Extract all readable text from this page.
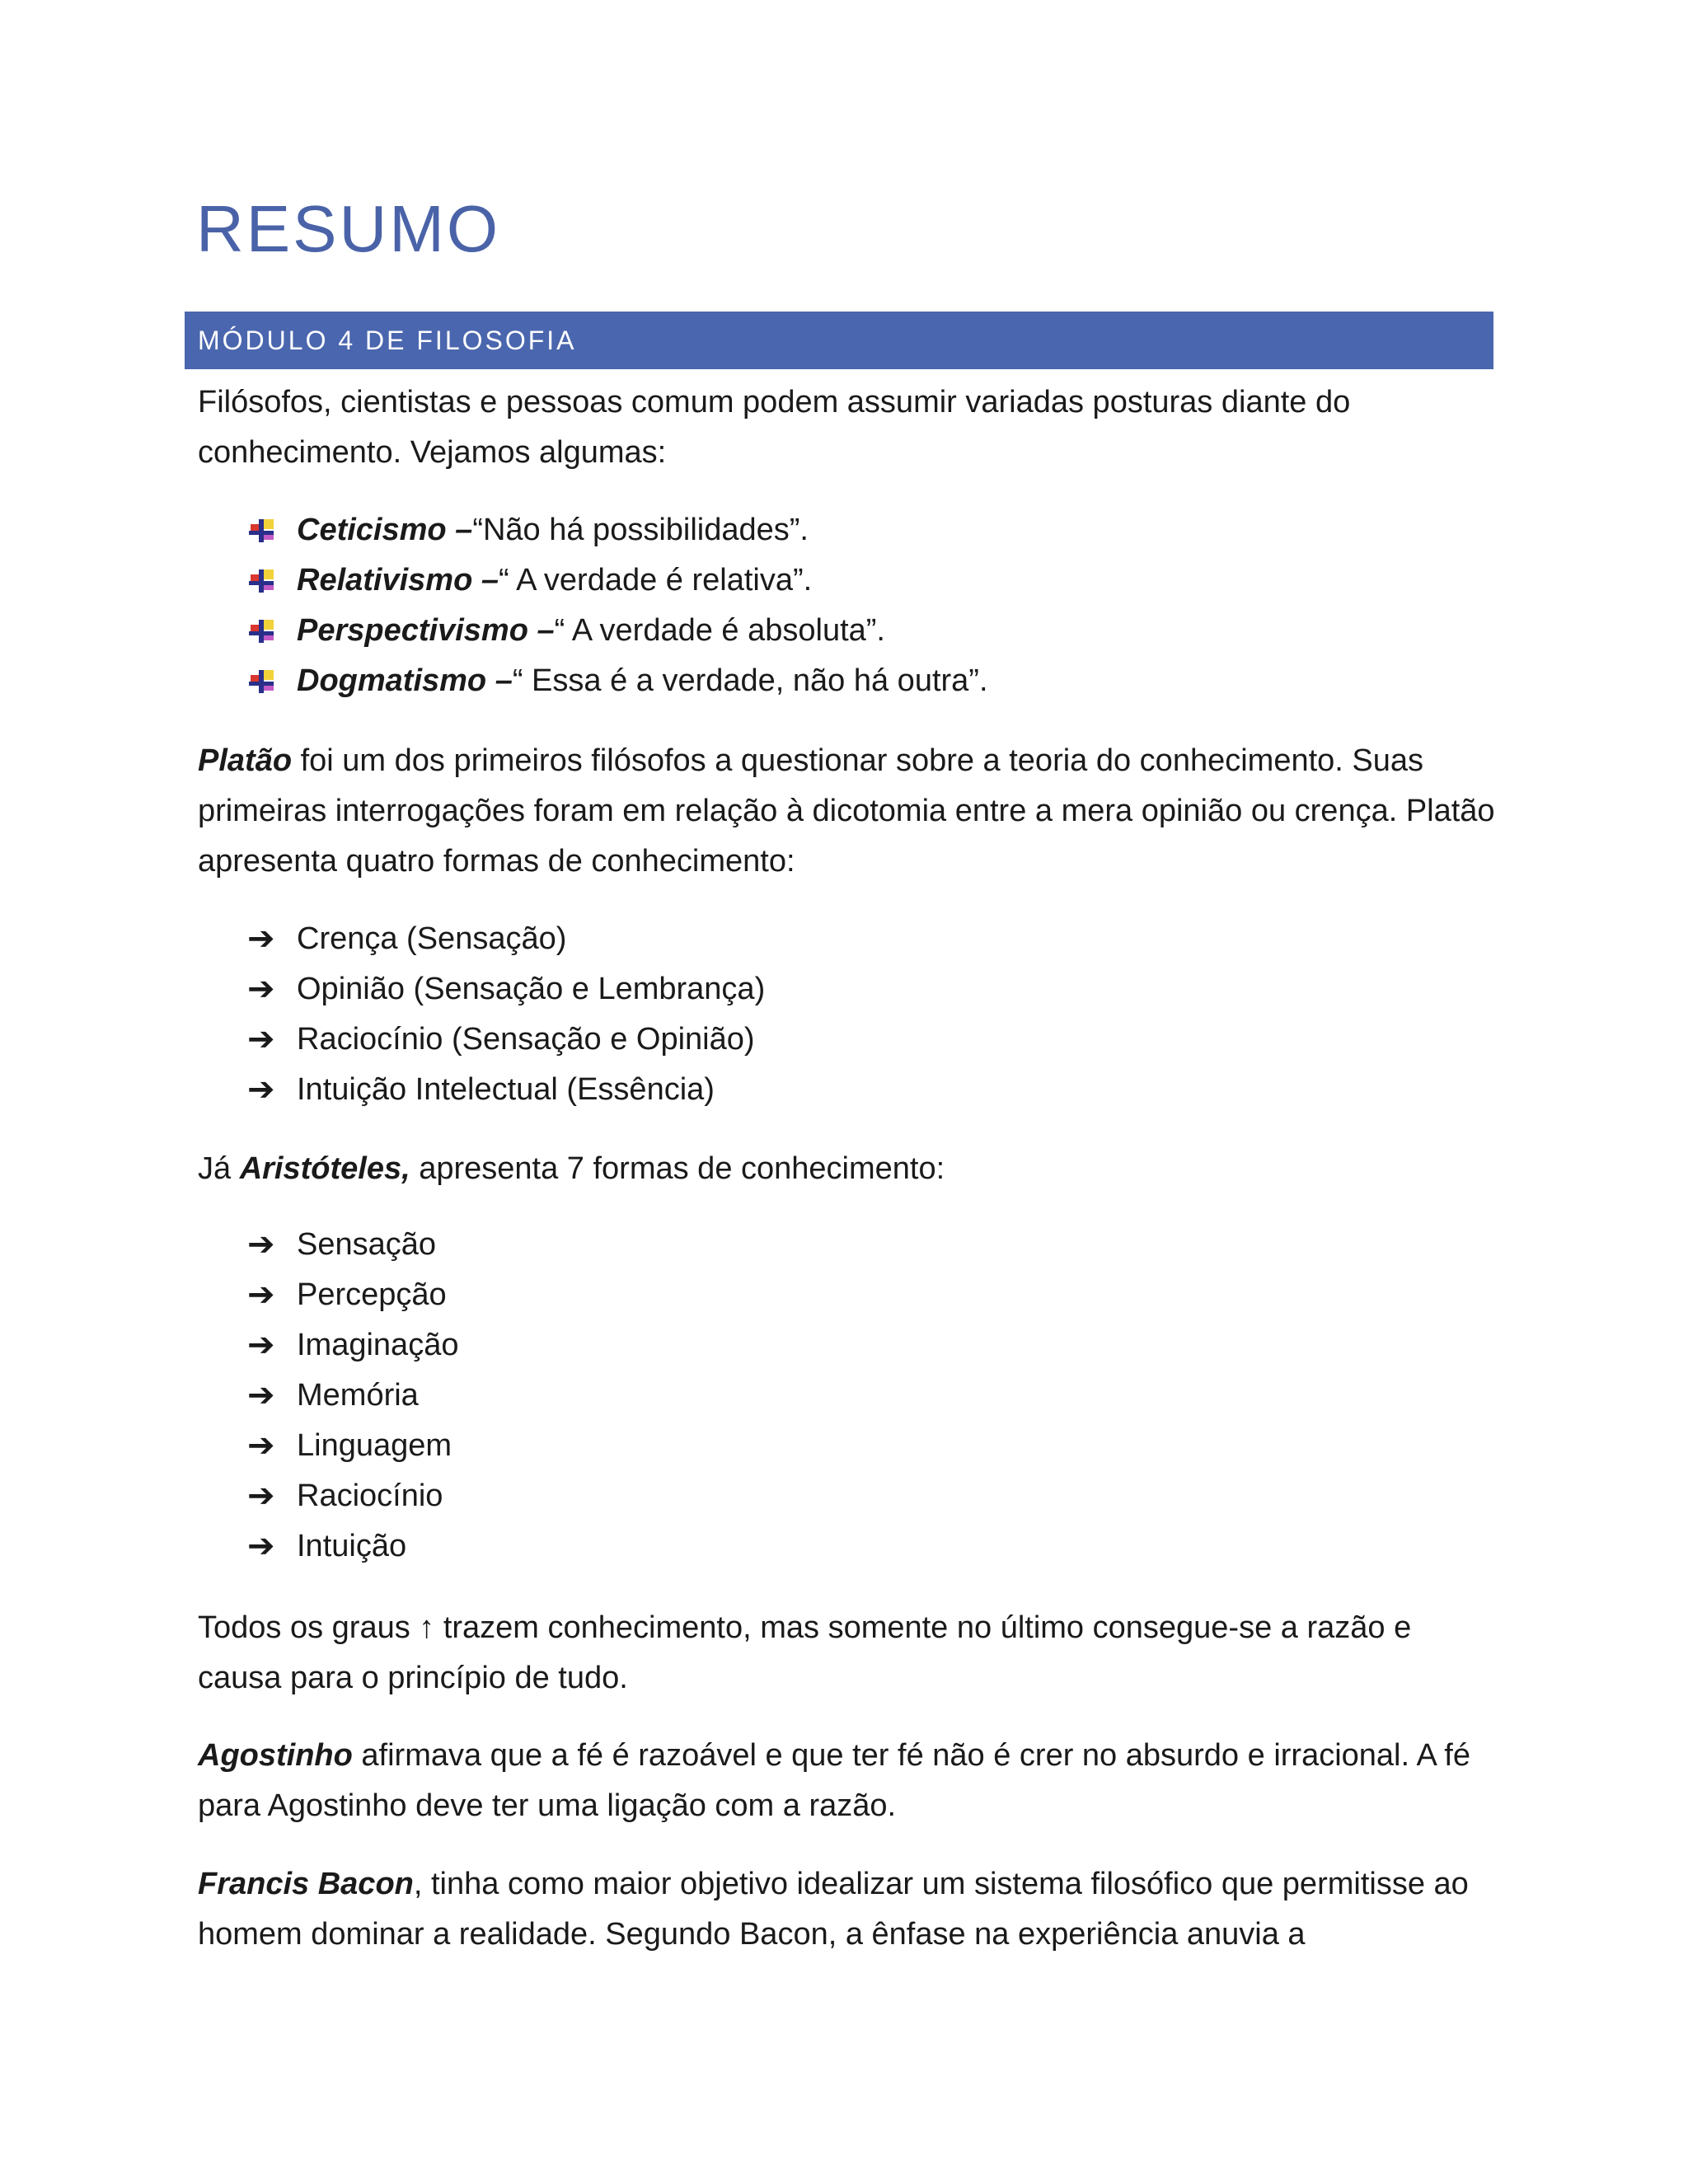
RESUMO
MÓDULO 4 DE FILOSOFIA
Filósofos, cientistas e pessoas comum podem assumir variadas posturas diante do conhecimento. Vejamos algumas:
Ceticismo – “Não há possibilidades”.
Relativismo – “ A verdade é relativa”.
Perspectivismo – “ A verdade é absoluta”.
Dogmatismo – “ Essa é a verdade, não há outra”.
Platão foi um dos primeiros filósofos a questionar sobre a teoria do conhecimento. Suas primeiras interrogações foram em relação à dicotomia entre a mera opinião ou crença. Platão apresenta quatro formas de conhecimento:
➔ Crença (Sensação)
➔ Opinião (Sensação e Lembrança)
➔ Raciocínio (Sensação e Opinião)
➔ Intuição Intelectual (Essência)
Já Aristóteles, apresenta 7 formas de conhecimento:
➔ Sensação
➔ Percepção
➔ Imaginação
➔ Memória
➔ Linguagem
➔ Raciocínio
➔ Intuição
Todos os graus ↑ trazem conhecimento, mas somente no último consegue-se a razão e causa para o princípio de tudo.
Agostinho afirmava que a fé é razoável e que ter fé não é crer no absurdo e irracional. A fé para Agostinho deve ter uma ligação com a razão.
Francis Bacon, tinha como maior objetivo idealizar um sistema filosófico que permitisse ao homem dominar a realidade. Segundo Bacon, a ênfase na experiência anuvia a
